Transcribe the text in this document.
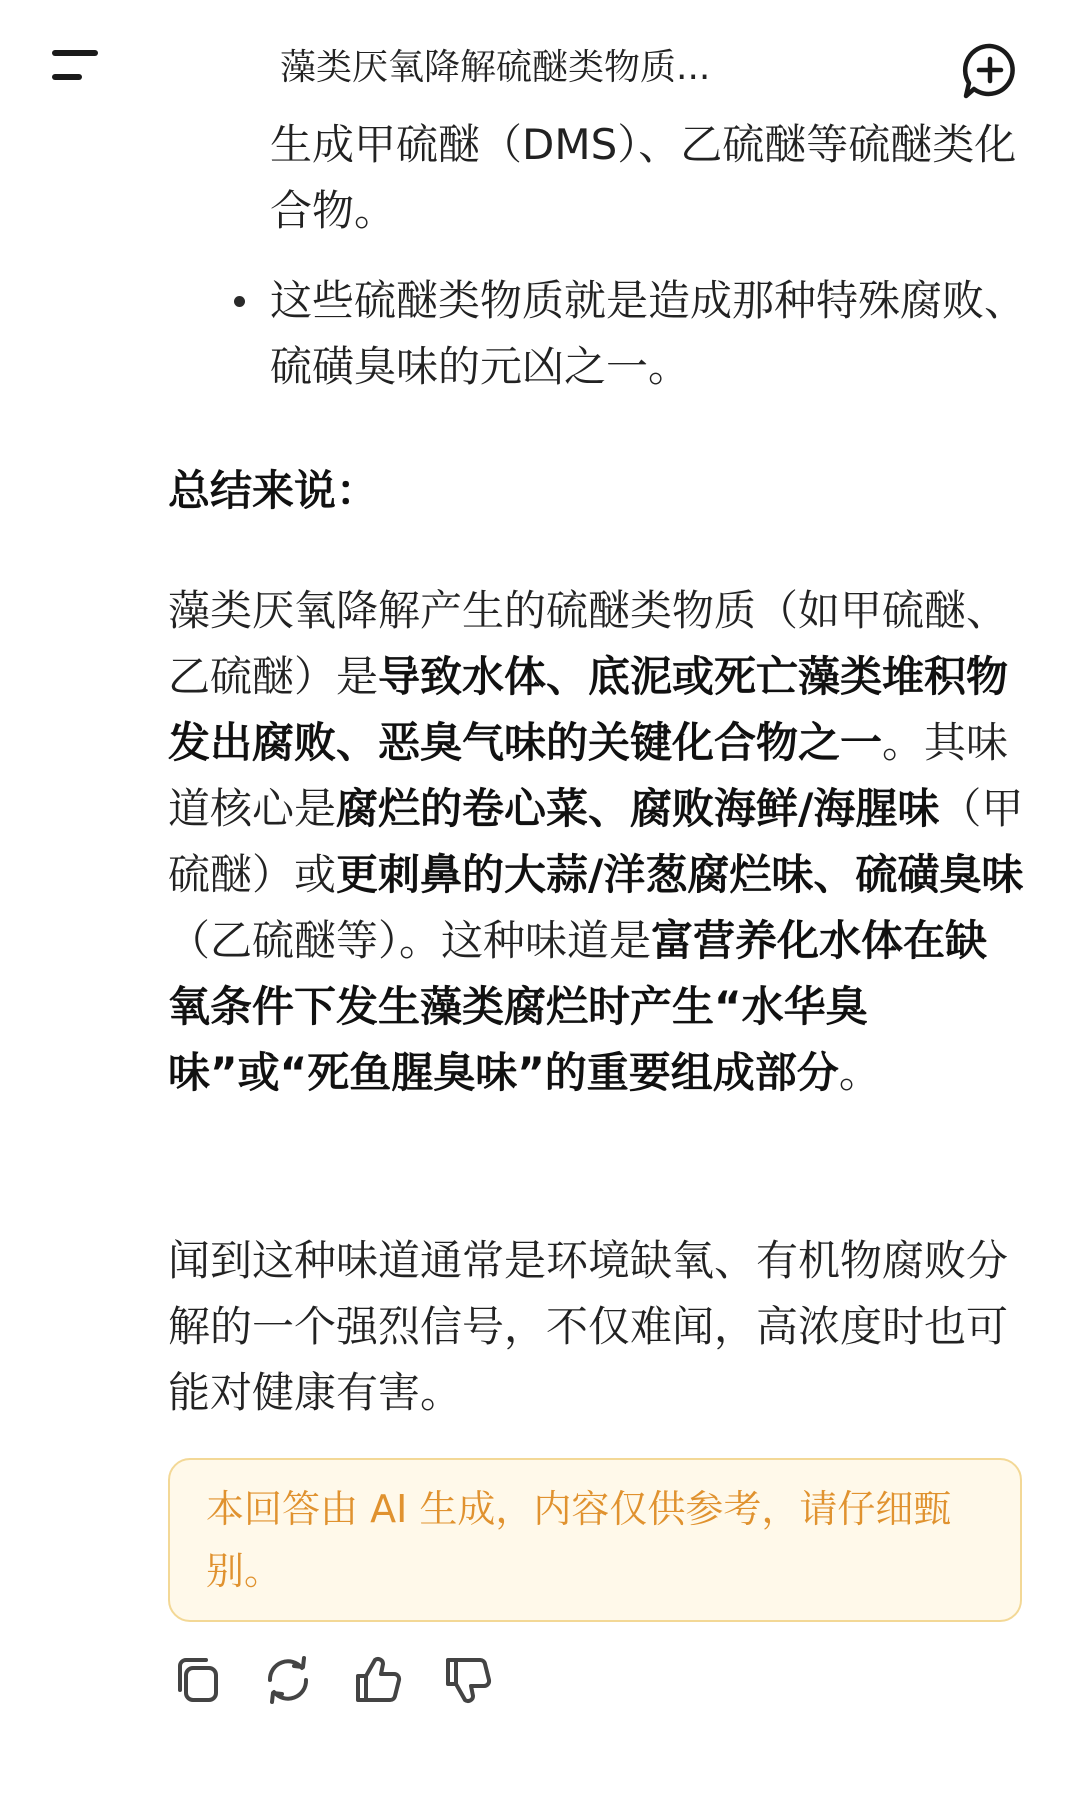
藻类厌氧降解硫醚类物质...
生成甲硫醚（DMS）、乙硫醚等硫醚类化合物。
这些硫醚类物质就是造成那种特殊腐败、硫磺臭味的元凶之一。
总结来说：
藻类厌氧降解产生的硫醚类物质（如甲硫醚、乙硫醚）是导致水体、底泥或死亡藻类堆积物发出腐败、恶臭气味的关键化合物之一。其味道核心是腐烂的卷心菜、腐败海鲜/海腥味（甲硫醚）或更刺鼻的大蒜/洋葱腐烂味、硫磺臭味（乙硫醚等）。这种味道是富营养化水体在缺氧条件下发生藻类腐烂时产生“水华臭味”或“死鱼腥臭味”的重要组成部分。
闻到这种味道通常是环境缺氧、有机物腐败分解的一个强烈信号，不仅难闻，高浓度时也可能对健康有害。
本回答由 AI 生成，内容仅供参考，请仔细甄别。
